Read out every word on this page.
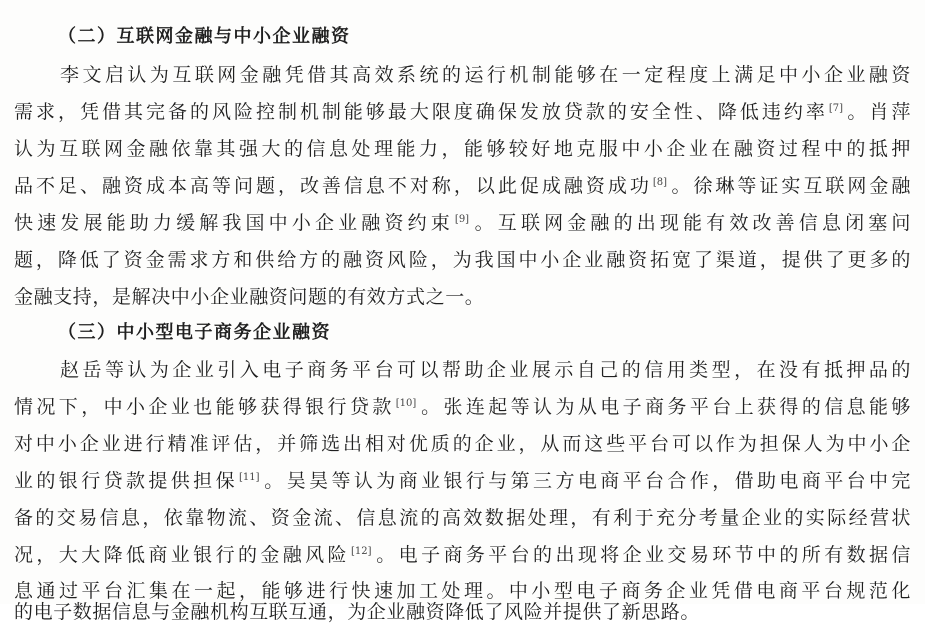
（二）互联网金融与中小企业融资
李文启认为互联网金融凭借其高效系统的运行机制能够在一定程度上满足中小企业融资
需求，凭借其完备的风险控制机制能够最大限度确保发放贷款的安全性、降低违约率[7] 。肖萍
认为互联网金融依靠其强大的信息处理能力，能够较好地克服中小企业在融资过程中的抵押
品不足、融资成本高等问题，改善信息不对称，以此促成融资成功[8] 。徐琳等证实互联网金融
快速发展能助力缓解我国中小企业融资约束[9] 。互联网金融的出现能有效改善信息闭塞问
题，降低了资金需求方和供给方的融资风险，为我国中小企业融资拓宽了渠道，提供了更多的
金融支持，是解决中小企业融资问题的有效方式之一。
（三）中小型电子商务企业融资
赵岳等认为企业引入电子商务平台可以帮助企业展示自己的信用类型，在没有抵押品的
情况下，中小企业也能够获得银行贷款[10] 。张连起等认为从电子商务平台上获得的信息能够
对中小企业进行精准评估，并筛选出相对优质的企业，从而这些平台可以作为担保人为中小企
业的银行贷款提供担保[11] 。吴昊等认为商业银行与第三方电商平台合作，借助电商平台中完
备的交易信息，依靠物流、资金流、信息流的高效数据处理，有利于充分考量企业的实际经营状
况，大大降低商业银行的金融风险[12] 。电子商务平台的出现将企业交易环节中的所有数据信
息通过平台汇集在一起，能够进行快速加工处理。中小型电子商务企业凭借电商平台规范化
的电子数据信息与金融机构互联互通，为企业融资降低了风险并提供了新思路。
